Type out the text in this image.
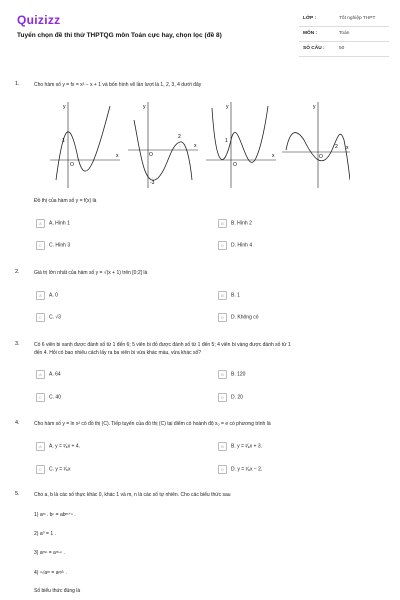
Quizizz
Tuyển chọn đề thi thử THPTQG môn Toán cực hay, chọn lọc (đề 8)
LỚP :	Tốt nghiệp THPT
MÔN :	Toán
SỐ CÂU :	50
1.	Cho hàm số y = fx = x³ − x + 1 và bốn hình vẽ lần lượt là 1, 2, 3, 4 dưới đây
y
x
O
1
y
x
O
2
-3
y
x
O
1
y
x
O
2
Đồ thị của hàm số y = f(x) là
A A. Hình 1	B B. Hình 2
C C. Hình 3	D D. Hình 4
2.	Giá trị lớn nhất của hàm số y = √(x + 1) trên [0;2] là
A A. 0	B B. 1
C C. √3	D D. Không có
3.	Có 6 viên bi xanh được đánh số từ 1 đến 6; 5 viên bi đỏ được đánh số từ 1 đến 5; 4 viên bi vàng được đánh số từ 1
đến 4. Hỏi có bao nhiêu cách lấy ra ba viên bi vừa khác màu, vừa khác số?
A A. 64	B B. 120
C C. 40	D D. 20
4.	Cho hàm số y = ln x² có đồ thị (C). Tiếp tuyến của đồ thị (C) tại điểm có hoành độ x₀ = e có phương trình là
A A. y = ²⁄ₑx + 4.	B B. y = ²⁄ₑx + 3.
C C. y = ²⁄ₑx	D D. y = ²⁄ₑx − 2.
5.	Cho a, b là các số thực khác 0, khác 1 và m, n là các số tự nhiên. Cho các biểu thức sau
1) aᵐ . bⁿ = abᵐ⁺ⁿ .
2) a⁰ = 1 .
3) aᵐⁿ = aᵐ·ⁿ .
4) ⁿ√aᵐ = aᵐ⁄ⁿ .
Số biểu thức đúng là
